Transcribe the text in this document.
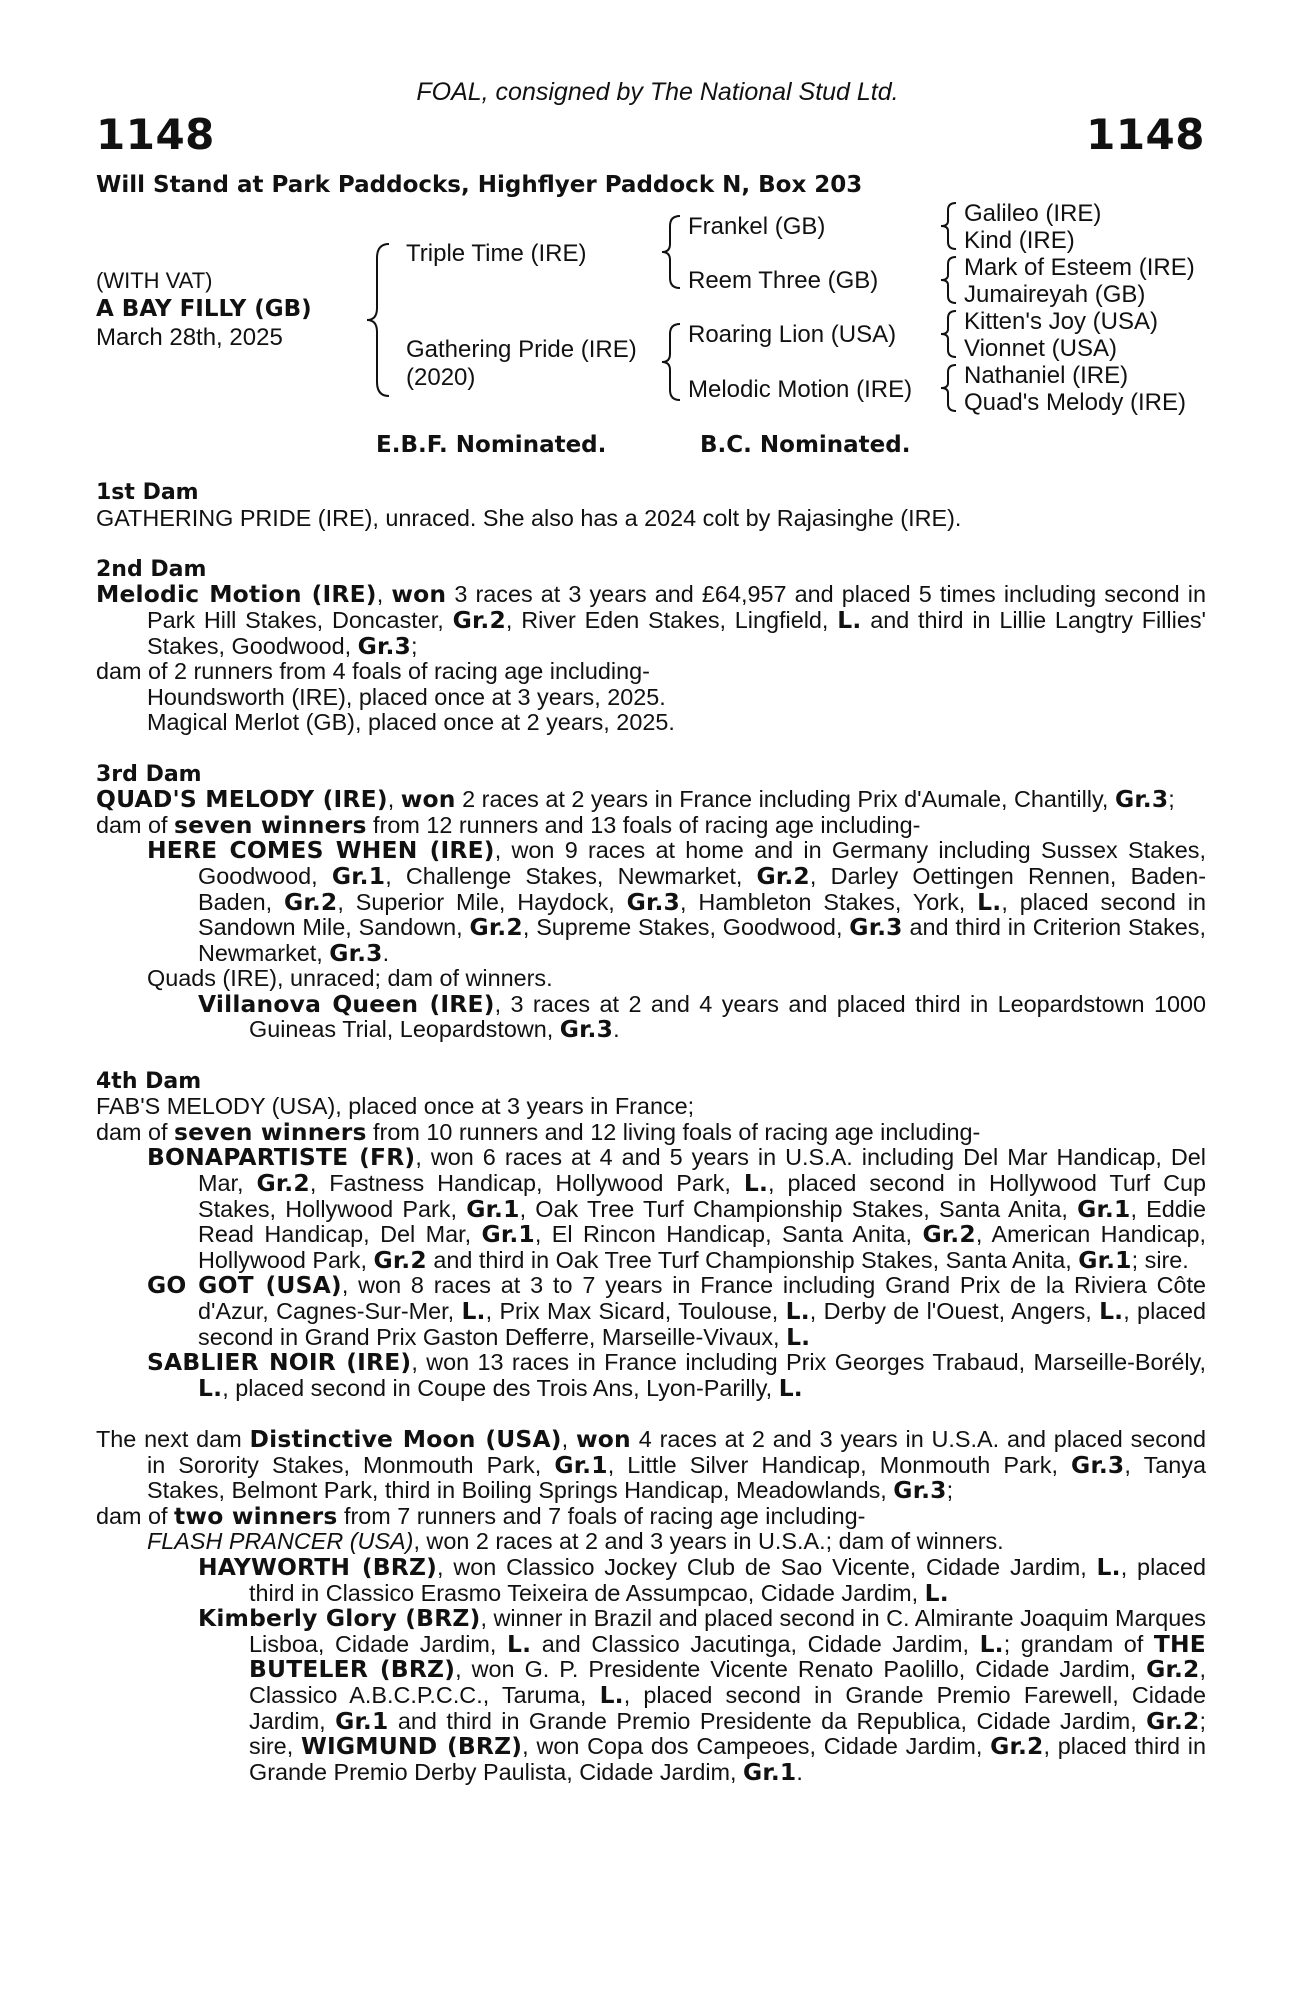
FOAL, consigned by The National Stud Ltd.
1148	1148
Will Stand at Park Paddocks, Highflyer Paddock N, Box 203
(WITH VAT)
A BAY FILLY (GB)
March 28th, 2025
Triple Time (IRE)
Gathering Pride (IRE)
(2020)
Frankel (GB)
Reem Three (GB)
Roaring Lion (USA)
Melodic Motion (IRE)
Galileo (IRE)
Kind (IRE)
Mark of Esteem (IRE)
Jumaireyah (GB)
Kitten's Joy (USA)
Vionnet (USA)
Nathaniel (IRE)
Quad's Melody (IRE)
E.B.F. Nominated.	B.C. Nominated.
1st Dam

GATHERING PRIDE (IRE), unraced. She also has a 2024 colt by Rajasinghe (IRE).

2nd Dam

Melodic Motion (IRE), won 3 races at 3 years and £64,957 and placed 5 times including second in Park Hill Stakes, Doncaster, Gr.2, River Eden Stakes, Lingfield, L. and third in Lillie Langtry Fillies' Stakes, Goodwood, Gr.3;

dam of 2 runners from 4 foals of racing age including-

Houndsworth (IRE), placed once at 3 years, 2025.

Magical Merlot (GB), placed once at 2 years, 2025.

3rd Dam

QUAD'S MELODY (IRE), won 2 races at 2 years in France including Prix d'Aumale, Chantilly, Gr.3;

dam of seven winners from 12 runners and 13 foals of racing age including-

HERE COMES WHEN (IRE), won 9 races at home and in Germany including Sussex Stakes, Goodwood, Gr.1, Challenge Stakes, Newmarket, Gr.2, Darley Oettingen Rennen, Baden-Baden, Gr.2, Superior Mile, Haydock, Gr.3, Hambleton Stakes, York, L., placed second in Sandown Mile, Sandown, Gr.2, Supreme Stakes, Goodwood, Gr.3 and third in Criterion Stakes, Newmarket, Gr.3.

Quads (IRE), unraced; dam of winners.

Villanova Queen (IRE), 3 races at 2 and 4 years and placed third in Leopardstown 1000 Guineas Trial, Leopardstown, Gr.3.

4th Dam

FAB'S MELODY (USA), placed once at 3 years in France;

dam of seven winners from 10 runners and 12 living foals of racing age including-

BONAPARTISTE (FR), won 6 races at 4 and 5 years in U.S.A. including Del Mar Handicap, Del Mar, Gr.2, Fastness Handicap, Hollywood Park, L., placed second in Hollywood Turf Cup Stakes, Hollywood Park, Gr.1, Oak Tree Turf Championship Stakes, Santa Anita, Gr.1, Eddie Read Handicap, Del Mar, Gr.1, El Rincon Handicap, Santa Anita, Gr.2, American Handicap, Hollywood Park, Gr.2 and third in Oak Tree Turf Championship Stakes, Santa Anita, Gr.1; sire.

GO GOT (USA), won 8 races at 3 to 7 years in France including Grand Prix de la Riviera Côte d'Azur, Cagnes-Sur-Mer, L., Prix Max Sicard, Toulouse, L., Derby de l'Ouest, Angers, L., placed second in Grand Prix Gaston Defferre, Marseille-Vivaux, L.

SABLIER NOIR (IRE), won 13 races in France including Prix Georges Trabaud, Marseille-Borély, L., placed second in Coupe des Trois Ans, Lyon-Parilly, L.

The next dam Distinctive Moon (USA), won 4 races at 2 and 3 years in U.S.A. and placed second in Sorority Stakes, Monmouth Park, Gr.1, Little Silver Handicap, Monmouth Park, Gr.3, Tanya Stakes, Belmont Park, third in Boiling Springs Handicap, Meadowlands, Gr.3;

dam of two winners from 7 runners and 7 foals of racing age including-

FLASH PRANCER (USA), won 2 races at 2 and 3 years in U.S.A.; dam of winners.

HAYWORTH (BRZ), won Classico Jockey Club de Sao Vicente, Cidade Jardim, L., placed third in Classico Erasmo Teixeira de Assumpcao, Cidade Jardim, L.

Kimberly Glory (BRZ), winner in Brazil and placed second in C. Almirante Joaquim Marques Lisboa, Cidade Jardim, L. and Classico Jacutinga, Cidade Jardim, L.; grandam of THE BUTELER (BRZ), won G. P. Presidente Vicente Renato Paolillo, Cidade Jardim, Gr.2, Classico A.B.C.P.C.C., Taruma, L., placed second in Grande Premio Farewell, Cidade Jardim, Gr.1 and third in Grande Premio Presidente da Republica, Cidade Jardim, Gr.2; sire, WIGMUND (BRZ), won Copa dos Campeoes, Cidade Jardim, Gr.2, placed third in Grande Premio Derby Paulista, Cidade Jardim, Gr.1.
